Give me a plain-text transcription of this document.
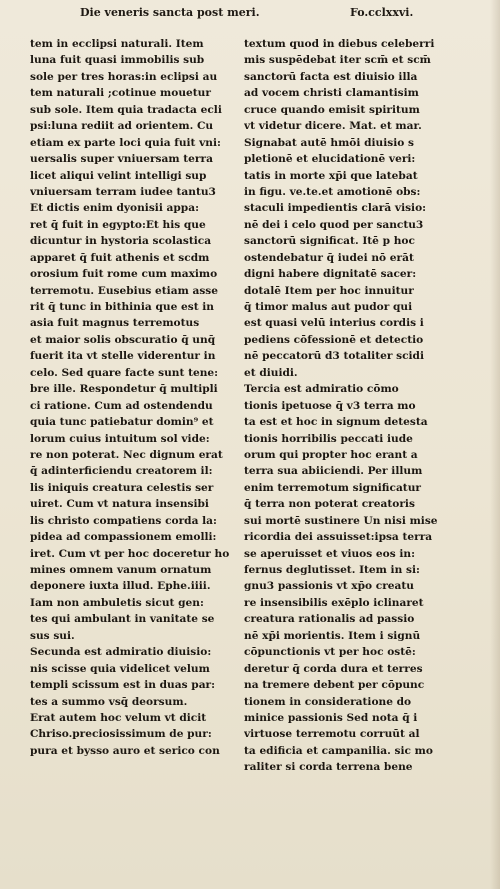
Die veneris sancta post meri.	Fo.cclxxvi.
tem in ecclipsi naturali. Item
luna fuit quasi immobilis sub
sole per tres horas:in eclipsi au
tem naturali ;cotinue mouetur
sub sole. Item quia tradacta ecli
psi:luna rediit ad orientem. Cu
etiam ex parte loci quia fuit vni:
uersalis super vniuersam terra
licet aliqui velint intelligi sup
vniuersam terram iudee tantu3
Et dictis enim dyonisii appa:
ret q̄ fuit in egypto:Et his que
dicuntur in hystoria scolastica
apparet q̄ fuit athenis et scdm
orosium fuit rome cum maximo
terremotu. Eusebius etiam asse
rit q̄ tunc in bithinia que est in
asia fuit magnus terremotus
et maior solis obscuratio q̄ unq̄
fuerit ita vt stelle viderentur in
celo. Sed quare facte sunt tene:
bre ille. Respondetur q̄ multipli
ci ratione. Cum ad ostendendu
quia tunc patiebatur domin⁹ et
lorum cuius intuitum sol vide:
re non poterat. Nec dignum erat
q̄ adinterficiendu creatorem il:
lis iniquis creatura celestis ser
uiret. Cum vt natura insensibi
lis christo compatiens corda la:
pidea ad compassionem emolli:
iret. Cum vt per hoc doceretur ho
mines omnem vanum ornatum
deponere iuxta illud. Ephe.iiii.
Iam non ambuletis sicut gen:
tes qui ambulant in vanitate se
sus sui.
Secunda est admiratio diuisio:
nis scisse quia videlicet velum
templi scissum est in duas par:
tes a summo vsq̄ deorsum.
Erat autem hoc velum vt dicit
Chriso.preciosissimum de pur:
pura et bysso auro et serico con
textum quod in diebus celeberri
mis suspēdebat iter scm̄ et scm̄
sanctorū facta est diuisio illa
ad vocem christi clamantisim
cruce quando emisit spiritum
vt videtur dicere. Mat. et mar.
Signabat autē hmōi diuisio s
pletionē et elucidationē veri:
tatis in morte xp̄i que latebat
in figu. ve.te.et amotionē obs:
staculi impedientis clarā visio:
nē dei i celo quod per sanctu3
sanctorū significat. Itē p hoc
ostendebatur q̄ iudei nō erāt
digni habere dignitatē sacer:
dotalē Item per hoc innuitur
q̄ timor malus aut pudor qui
est quasi velū interius cordis i
pediens cōfessionē et detectio
nē peccatorū d3 totaliter scidi
et diuidi.
Tercia est admiratio cōmo
tionis ipetuose q̄ v3 terra mo
ta est et hoc in signum detesta
tionis horribilis peccati iude
orum qui propter hoc erant a
terra sua abiiciendi. Per illum
enim terremotum significatur
q̄ terra non poterat creatoris
sui mortē sustinere Un nisi mise
ricordia dei assuisset:ipsa terra
se aperuisset et viuos eos in:
fernus deglutisset. Item in si:
gnu3 passionis vt xp̄o creatu
re insensibilis exēplo iclinaret
creatura rationalis ad passio
nē xp̄i morientis. Item i signū
cōpunctionis vt per hoc ostē:
deretur q̄ corda dura et terres
na tremere debent per cōpunc
tionem in consideratione do
minice passionis Sed nota q̄ i
virtuose terremotu corruūt al
ta edificia et campanilia. sic mo
raliter si corda terrena bene
